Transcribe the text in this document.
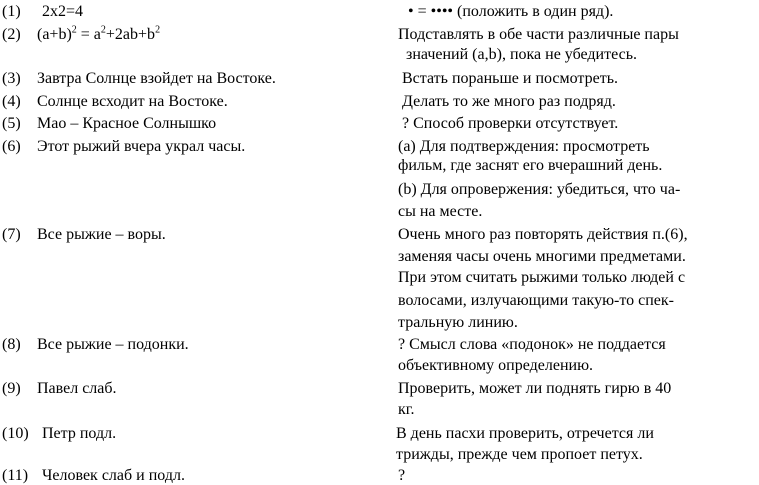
(1) 2x2=4	• = •••• (положить в один ряд).
(2) $(a+b)^2 = a^2+2ab+b^2$	Подставлять в обе части различные пары
значений (a,b), пока не убедитесь.
(3) Завтра Солнце взойдет на Востоке.	Встать пораньше и посмотреть.
(4) Солнце всходит на Востоке.	Делать то же много раз подряд.
(5) Мао – Красное Солнышко	? Способ проверки отсутствует.
(6) Этот рыжий вчера украл часы.	(a) Для подтверждения: просмотреть
фильм, где заснят его вчерашний день.
(b) Для опровержения: убедиться, что ча-
сы на месте.
(7) Все рыжие – воры.	Очень много раз повторять действия п.(6),
заменяя часы очень многими предметами.
При этом считать рыжими только людей с
волосами, излучающими такую-то спек-
тральную линию.
(8) Все рыжие – подонки.	? Смысл слова «подонок» не поддается
объективному определению.
(9) Павел слаб.	Проверить, может ли поднять гирю в 40
кг.
(10) Петр подл.	В день пасхи проверить, отречется ли
трижды, прежде чем пропоет петух.
(11) Человек слаб и подл.	?
